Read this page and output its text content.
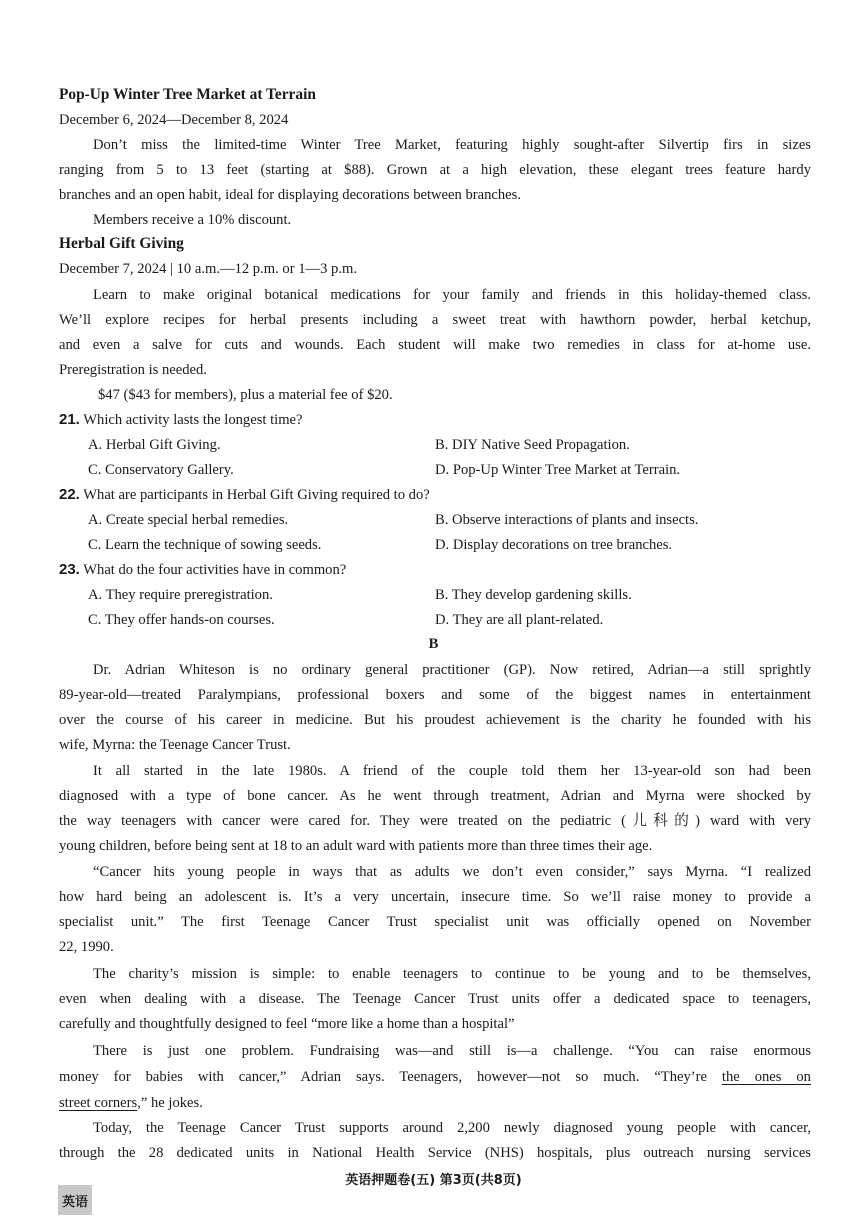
Pop-Up Winter Tree Market at Terrain
December 6, 2024—December 8, 2024
Don’t miss the limited-time Winter Tree Market, featuring highly sought-after Silvertip firs in sizes
ranging from 5 to 13 feet (starting at $88). Grown at a high elevation, these elegant trees feature hardy
branches and an open habit, ideal for displaying decorations between branches.
Members receive a 10% discount.
Herbal Gift Giving
December 7, 2024 | 10 a.m.—12 p.m. or 1—3 p.m.
Learn to make original botanical medications for your family and friends in this holiday-themed class.
We’ll explore recipes for herbal presents including a sweet treat with hawthorn powder, herbal ketchup,
and even a salve for cuts and wounds. Each student will make two remedies in class for at-home use.
Preregistration is needed.
$47 ($43 for members), plus a material fee of $20.
21. Which activity lasts the longest time?
A. Herbal Gift Giving.	B. DIY Native Seed Propagation.
C. Conservatory Gallery.	D. Pop-Up Winter Tree Market at Terrain.
22. What are participants in Herbal Gift Giving required to do?
A. Create special herbal remedies.	B. Observe interactions of plants and insects.
C. Learn the technique of sowing seeds.	D. Display decorations on tree branches.
23. What do the four activities have in common?
A. They require preregistration.	B. They develop gardening skills.
C. They offer hands-on courses.	D. They are all plant-related.
B
Dr. Adrian Whiteson is no ordinary general practitioner (GP). Now retired, Adrian—a still sprightly
89-year-old—treated Paralympians, professional boxers and some of the biggest names in entertainment
over the course of his career in medicine. But his proudest achievement is the charity he founded with his
wife, Myrna: the Teenage Cancer Trust.
It all started in the late 1980s. A friend of the couple told them her 13-year-old son had been
diagnosed with a type of bone cancer. As he went through treatment, Adrian and Myrna were shocked by
the way teenagers with cancer were cared for. They were treated on the pediatric (儿科的) ward with very
young children, before being sent at 18 to an adult ward with patients more than three times their age.
“Cancer hits young people in ways that as adults we don’t even consider,” says Myrna. “I realized
how hard being an adolescent is. It’s a very uncertain, insecure time. So we’ll raise money to provide a
specialist unit.” The first Teenage Cancer Trust specialist unit was officially opened on November
22, 1990.
The charity’s mission is simple: to enable teenagers to continue to be young and to be themselves,
even when dealing with a disease. The Teenage Cancer Trust units offer a dedicated space to teenagers,
carefully and thoughtfully designed to feel “more like a home than a hospital”
There is just one problem. Fundraising was—and still is—a challenge. “You can raise enormous
money for babies with cancer,” Adrian says. Teenagers, however—not so much. “They’re the ones on
street corners,” he jokes.
Today, the Teenage Cancer Trust supports around 2,200 newly diagnosed young people with cancer,
through the 28 dedicated units in National Health Service (NHS) hospitals, plus outreach nursing services
英语押题卷(五) 第3页(共8页)
英语
